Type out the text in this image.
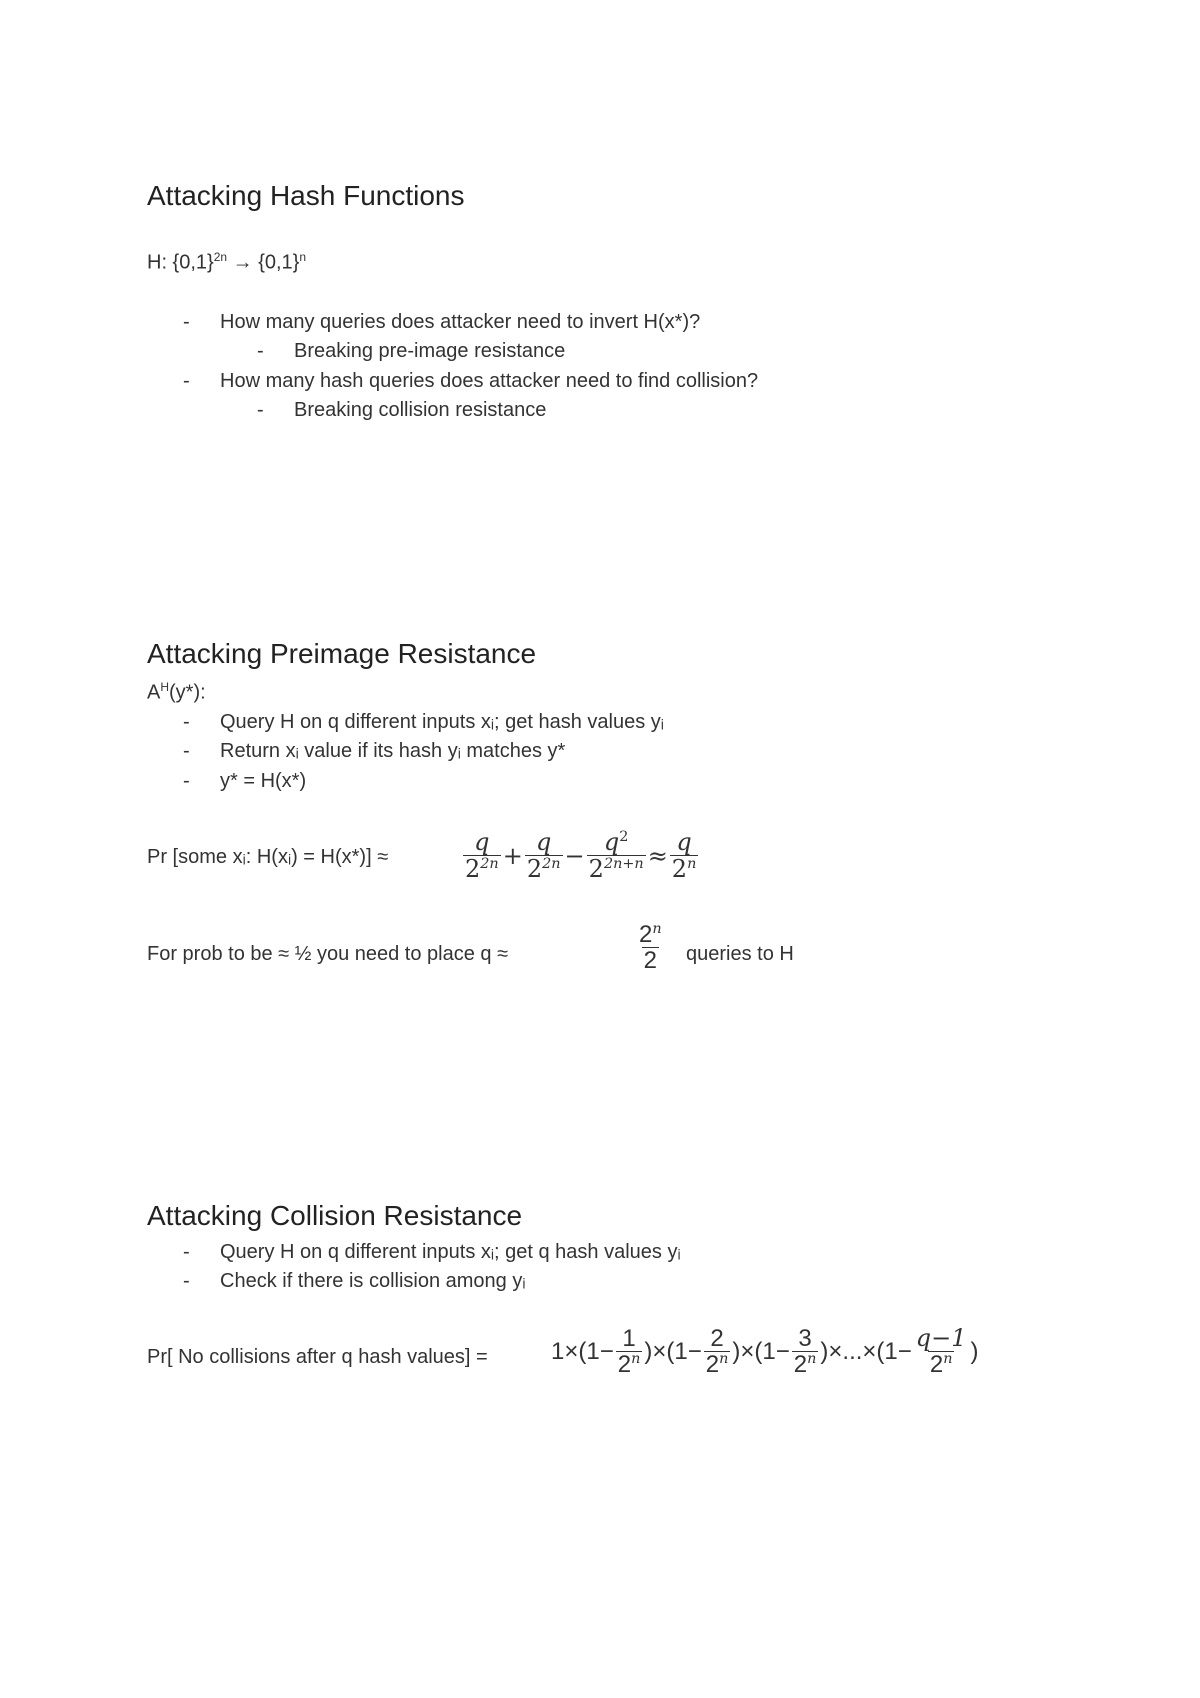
Attacking Hash Functions
H: $\{0,1\}^{2n} \to \{0,1\}^n$
- How many queries does attacker need to invert H(x*)?
- Breaking pre-image resistance
- How many hash queries does attacker need to find collision?
- Breaking collision resistance
Attacking Preimage Resistance
$A^H(y*)$:
- Query H on q different inputs xᵢ; get hash values yᵢ
- Return xᵢ value if its hash yᵢ matches y*
- y* = H(x*)
Pr [some xᵢ: H(xᵢ) = H(x*)] ≈	$\frac{q}{2^{2n}} + \frac{q}{2^{2n}} - \frac{q^2}{2^{2n+n}} \approx \frac{q}{2^n}$
For prob to be ≈ ½ you need to place q ≈	$\frac{2^n}{2}$ queries to H
Attacking Collision Resistance
- Query H on q different inputs xᵢ; get q hash values yᵢ
- Check if there is collision among yᵢ
Pr[ No collisions after q hash values] =	$1\times(1- \frac{1}{2^n} )\times(1- \frac{2}{2^n} )\times(1- \frac{3}{2^n} )\times...\times(1- \frac{q-1}{2^n}$ )
